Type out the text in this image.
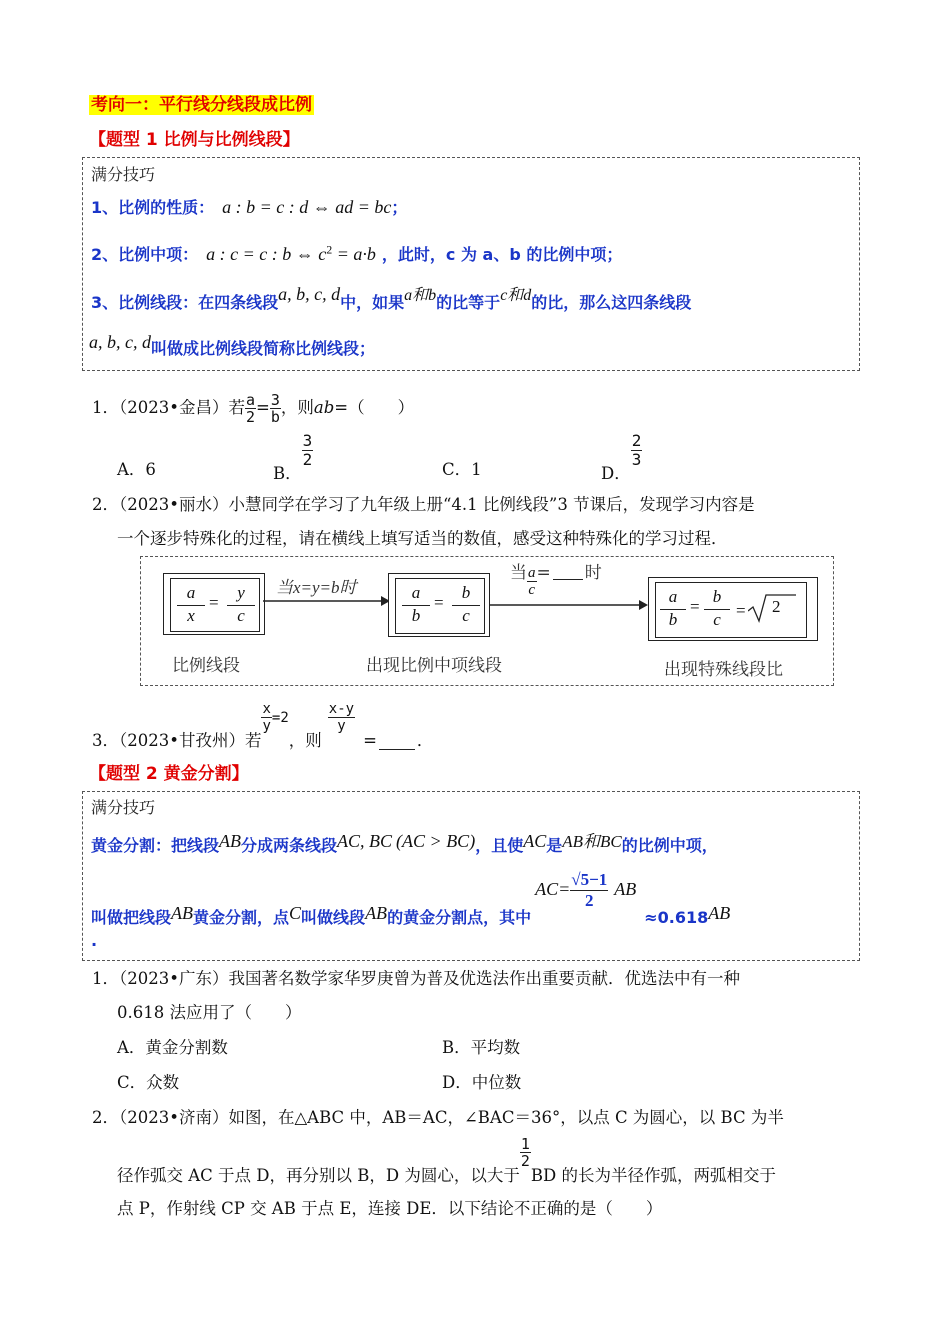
考向一：平行线分线段成比例
【题型 1 比例与比例线段】
满分技巧
1、比例的性质： a : b = c : d ⇔ ad = bc；
2、比例中项： a : c = c : b ⇔ $c^2 = a\cdot b$ ，此时，c 为 a、b 的比例中项；
3、比例线段：在四条线段a, b, c, d中，如果a和b的比等于c和d的比，那么这四条线段
a, b, c, d叫做成比例线段简称比例线段；
1．（2023•金昌）若 $\frac{a}{2} = \frac{3}{b}$ ，则ab=（　　）
A．6	B．
$\frac{3}{2}$
C．1	D．
$\frac{2}{3}$
2．（2023•丽水）小慧同学在学习了九年级上册“4.1 比例线段”3 节课后，发现学习内容是
一个逐步特殊化的过程，请在横线上填写适当的数值，感受这种特殊化的学习过程．
a
x
=
y
c
当x=y=b时	a
b
=
b
c
当 $\frac{a}{c}$ = 时
a
b
=
b
c = 2
比例线段	出现比例中项线段	出现特殊线段比
3．（2023•甘孜州）若
$\frac{x}{y} =2$，则
$\frac{x-y}{y}$
= ．
【题型 2 黄金分割】
满分技巧
黄金分割：把线段AB分成两条线段AC, BC (AC > BC)，且使AC是AB和BC的比例中项，
叫做把线段AB黄金分割，点C叫做线段AB的黄金分割点，其中$AC= \frac{√5-1}{2} AB\approx 0.618AB$
.
1．（2023•广东）我国著名数学家华罗庚曾为普及优选法作出重要贡献．优选法中有一种
0.618 法应用了（　　）
A．黄金分割数	B．平均数
C．众数	D．中位数
2．（2023•济南）如图，在△ABC 中，AB＝AC，∠BAC＝36°，以点 C 为圆心，以 BC 为半
径作弧交 AC 于点 D，再分别以 B，D 为圆心，以大于
$\frac{1}{2}$
BD 的长为半径作弧，两弧相交于
点 P，作射线 CP 交 AB 于点 E，连接 DE．以下结论不正确的是（　　）
